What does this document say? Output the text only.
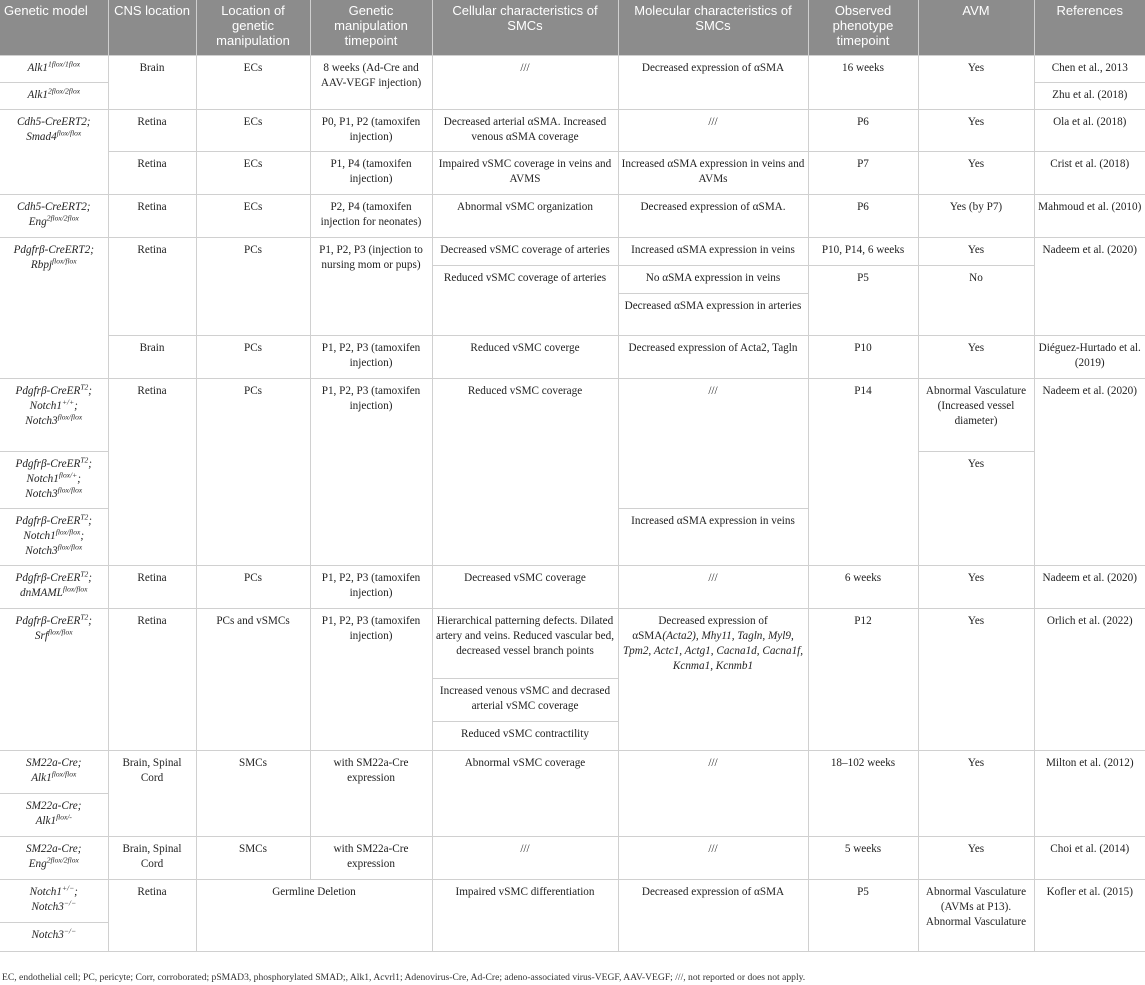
Genetic model	CNS location	Location of genetic manipulation	Genetic manipulation timepoint	Cellular characteristics of SMCs	Molecular characteristics of SMCs	Observed phenotype timepoint	AVM	References
$Alk1^{1flox/1flox}$	Brain	ECs	8 weeks (Ad-Cre and AAV-VEGF injection)	///	Decreased expression of αSMA	16 weeks	Yes	Chen et al., 2013
$Alk1^{2flox/2flox}$								Zhu et al. (2018)
Cdh5-CreERT2;
$Smad4^{flox/flox}$	Retina	ECs	P0, P1, P2 (tamoxifen injection)	Decreased arterial αSMA. Increased venous αSMA coverage	///	P6	Yes	Ola et al. (2018)
	Retina	ECs	P1, P4 (tamoxifen injection)	Impaired vSMC coverage in veins and AVMS	Increased αSMA expression in veins and AVMs	P7	Yes	Crist et al. (2018)
Cdh5-CreERT2;
Eng$^{2flox/2flox}$	Retina	ECs	P2, P4 (tamoxifen injection for neonates)	Abnormal vSMC organization	Decreased expression of αSMA.	P6	Yes (by P7)	Mahmoud et al. (2010)
Pdgfrβ-CreERT2;
Rbpj$^{flox/flox}$	Retina	PCs	P1, P2, P3 (injection to nursing mom or pups)	Decreased vSMC coverage of arteries	Increased αSMA expression in veins	P10, P14, 6 weeks	Yes	Nadeem et al. (2020)
				Reduced vSMC coverage of arteries	No αSMA expression in veins	P5	No	
					Decreased αSMA expression in arteries			
	Brain	PCs	P1, P2, P3 (tamoxifen injection)	Reduced vSMC coverge	Decreased expression of Acta2, Tagln	P10	Yes	Diéguez-Hurtado et al. (2019)
Pdgfrβ-CreER$^{T2}$;
Notch1+/+;
$Notch3^{flox/flox}$	Retina	PCs	P1, P2, P3 (tamoxifen injection)	Reduced vSMC coverage	///	P14	Abnormal Vasculature (Increased vessel diameter)	Nadeem et al. (2020)
Pdgfrβ-CreER$^{T2}$;
$Notch1^{flox/+}$;
$Notch3^{flox/flox}$							Yes	
Pdgfrβ-CreER$^{T2}$;
$Notch1^{flox/flox}$;
$Notch3^{flox/flox}$					Increased αSMA expression in veins			
Pdgfrβ-CreER$^{T2}$;
dnMAML$^{flox/flox}$	Retina	PCs	P1, P2, P3 (tamoxifen injection)	Decreased vSMC coverage	///	6 weeks	Yes	Nadeem et al. (2020)
Pdgfrβ-CreER$^{T2}$;
Srf$^{flox/flox}$	Retina	PCs and vSMCs	P1, P2, P3 (tamoxifen injection)	Hierarchical patterning defects. Dilated artery and veins. Reduced vascular bed, decreased vessel branch points	Decreased expression of
αSMA(Acta2), Mhy11, Tagln, Myl9, Tpm2, Actc1, Actg1, Cacna1d, Cacna1f, Kcnma1, Kcnmb1	P12	Yes	Orlich et al. (2022)
				Increased venous vSMC and decrased arterial vSMC coverage				
				Reduced vSMC contractility				
SM22a-Cre;
$Alk1^{flox/flox}$	Brain, Spinal Cord	SMCs	with SM22a-Cre expression	Abnormal vSMC coverage	///	18–102 weeks	Yes	Milton et al. (2012)
SM22a-Cre;
$Alk1^{flox/-}$
SM22a-Cre;
Eng$^{2flox/2flox}$	Brain, Spinal Cord	SMCs	with SM22a-Cre expression	///	///	5 weeks	Yes	Choi et al. (2014)
Notch1+/−;
Notch3−/−	Retina	Germline Deletion		Impaired vSMC differentiation	Decreased expression of αSMA	P5	Abnormal Vasculature (AVMs at P13). Abnormal Vasculature	Kofler et al. (2015)
Notch3−/−
EC, endothelial cell; PC, pericyte; Corr, corroborated; pSMAD3, phosphorylated SMAD;, Alk1, Acvrl1; Adenovirus-Cre, Ad-Cre; adeno-associated virus-VEGF, AAV-VEGF; ///, not reported or does not apply.
